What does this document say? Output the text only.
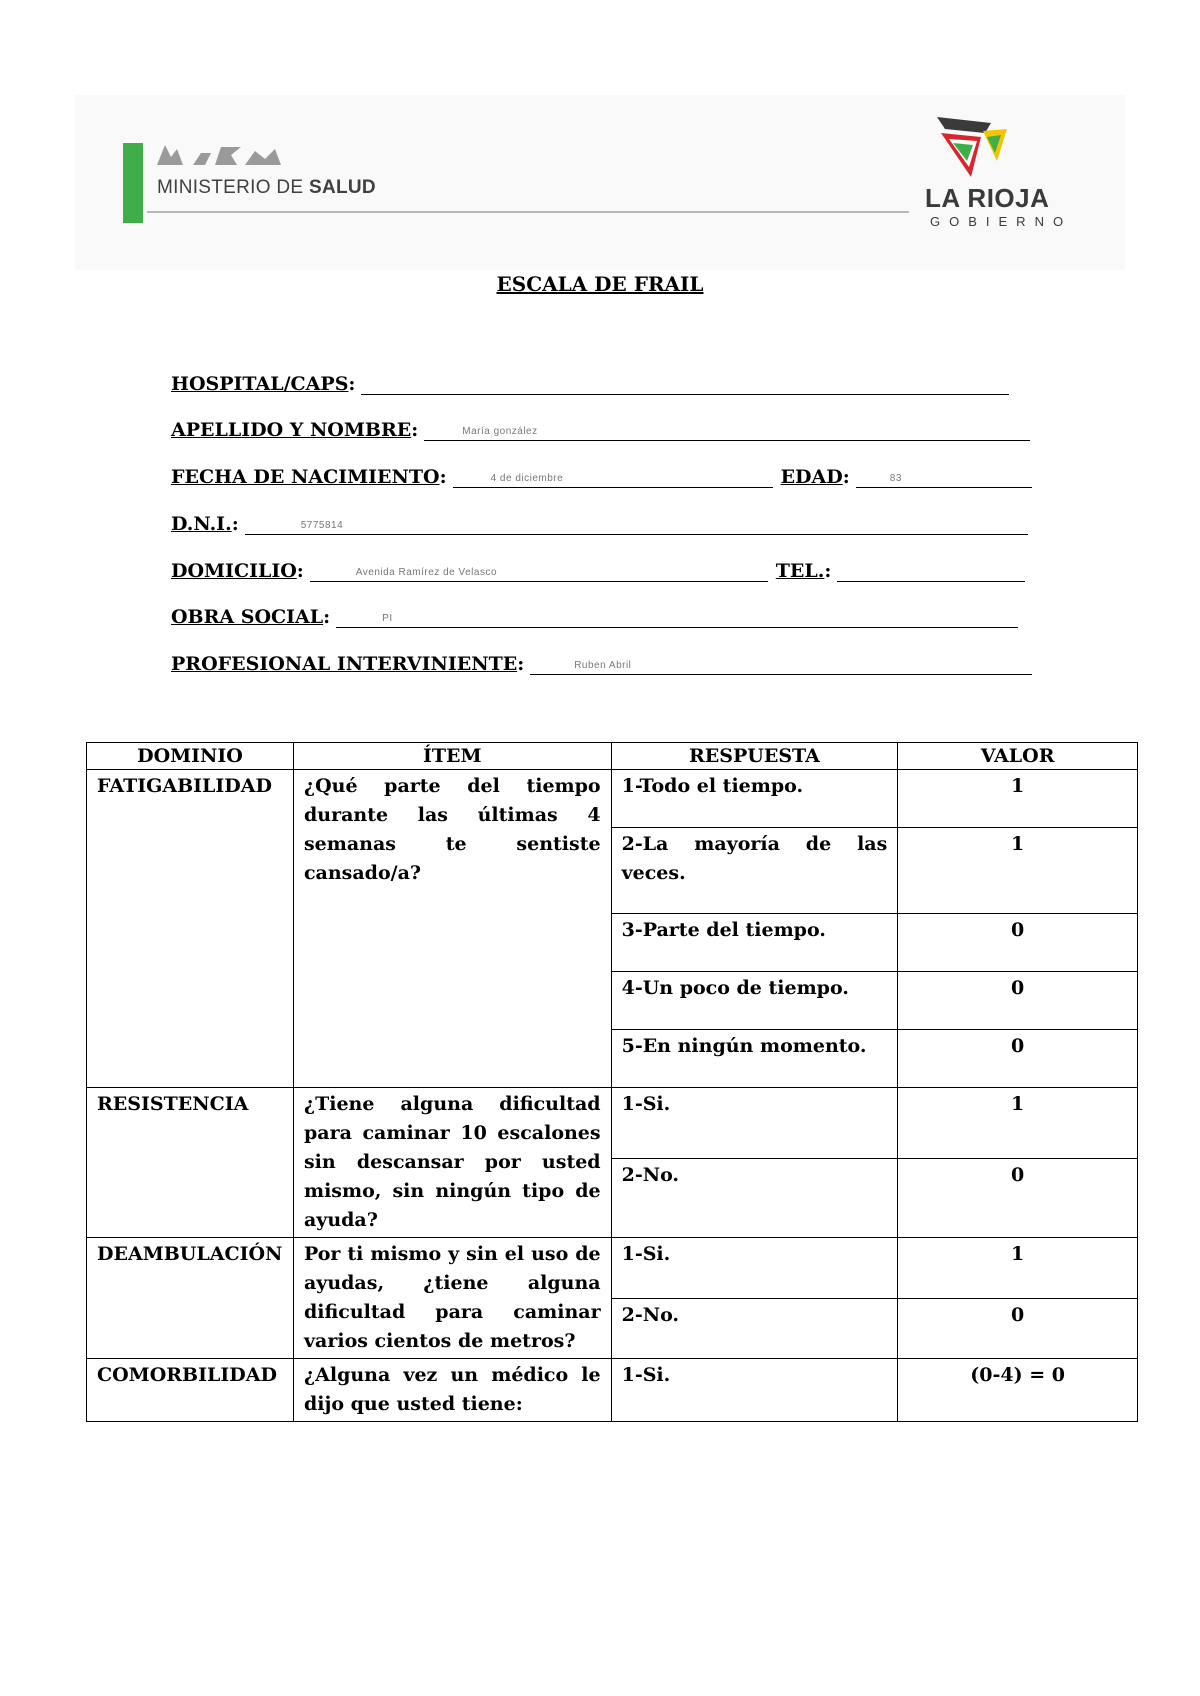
MINISTERIO DE SALUD	LA RIOJA
GOBIERNO
ESCALA DE FRAIL
HOSPITAL/CAPS :
APELLIDO Y NOMBRE :	María gonzález
FECHA DE NACIMIENTO :	4 de diciembre	EDAD :	83
D.N.I. :	5775814
DOMICILIO :	Avenida Ramírez de Velasco	TEL. :
OBRA SOCIAL :	PI
PROFESIONAL INTERVINIENTE :	Ruben Abril
DOMINIO	ÍTEM	RESPUESTA	VALOR
FATIGABILIDAD	¿Qué parte del tiempo durante las últimas 4 semanas te sentiste cansado/a?	1-Todo el tiempo.	1
		2-La mayoría de las veces.	1
		3-Parte del tiempo.	0
		4-Un poco de tiempo.	0
		5-En ningún momento.	0
RESISTENCIA	¿Tiene alguna dificultad para caminar 10 escalones sin descansar por usted mismo, sin ningún tipo de ayuda?	1-Si.	1
		2-No.	0
DEAMBULACIÓN	Por ti mismo y sin el uso de ayudas, ¿tiene alguna dificultad para caminar varios cientos de metros?	1-Si.	1
		2-No.	0
COMORBILIDAD	¿Alguna vez un médico le dijo que usted tiene:	1-Si.	(0-4) = 0
